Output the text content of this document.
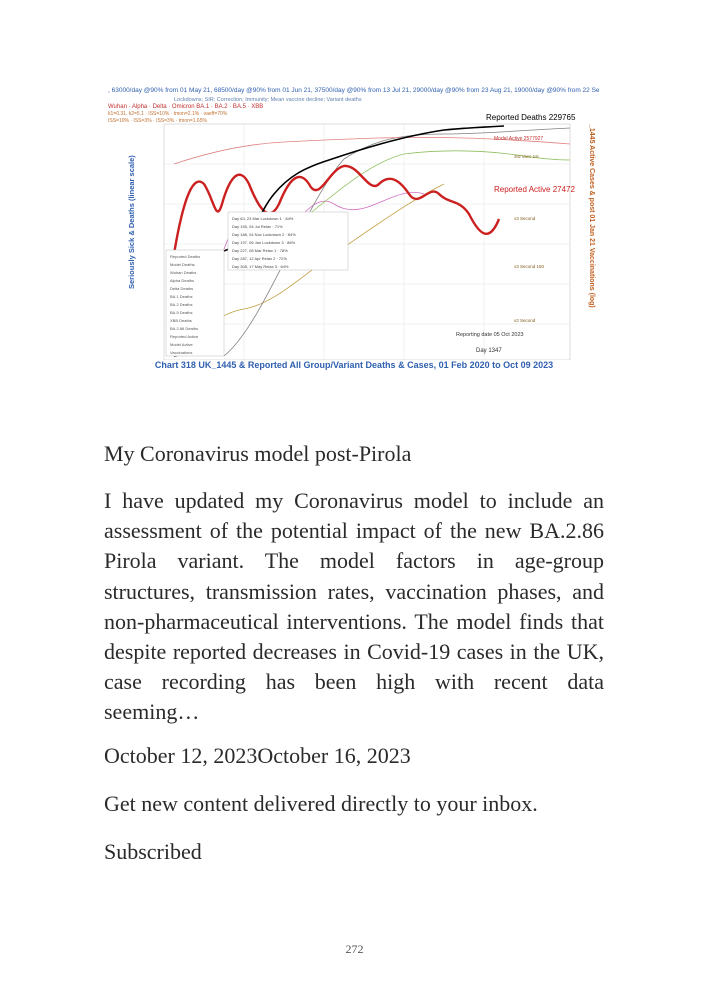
, 63000/day @90% from 01 May 21, 68500/day @90% from 01 Jun 21, 37500/day @90% from 13 Jul 21, 29000/day @90% from 23 Aug 21, 19000/day @90% from 22 Se
Lockdowns; SIR; Correction; Immunity; Mean vaccine decline; Variant deaths
Wuhan · Alpha · Delta · Omicron BA.1 · BA.2 · BA.5 · XBB
k1=0.31, k2=5.1 · ISS=10% · tmon=2.1% · vaeff=70%
ISS=10% · ISS=3% · ISS=3% · tmon=1.65%
Seriously Sick & Deaths (linear scale)	_1445 Active Cases & post 01 Jan 21 Vaccinations (log)
Reported Deaths
Model Deaths
Wuhan Deaths
Alpha Deaths
Delta Deaths
BA.1 Deaths
BA.2 Deaths
BA.5 Deaths
XBB Deaths
BA.2.86 Deaths
Reported Active
Model Active
Vaccinations
Day 63, 23 Mar Lockdown 1 · 84%
Day 155, 04 Jul Relax · 71%
Day 188, 04 Nov Lockdown 2 · 84%
Day 197, 06 Jan Lockdown 3 · 86%
Day 227, 08 Mar Relax 1 · 78%
Day 287, 12 Apr Relax 2 · 72%
Day 308, 17 May Relax 3 · 64%
Reported Deaths 229765
Model Active 2577927
Reported Active 27472
Reporting date 05 Oct 2023
Day 1347
3rd Vacc 1st
v3 Second
v3 Second 150
v3 Second
Chart 318 UK_1445 & Reported All Group/Variant Deaths & Cases, 01 Feb 2020 to Oct 09 2023
My Coronavirus model post-Pirola

I have updated my Coronavirus model to include an assessment of the potential impact of the new BA.2.86 Pirola variant. The model factors in age-group structures, transmission rates, vaccination phases, and non-pharmaceutical interventions. The model finds that despite reported decreases in Covid-19 cases in the UK, case recording has been high with recent data seeming…

October 12, 2023October 16, 2023
Get new content delivered directly to your inbox.
Subscribed
272
